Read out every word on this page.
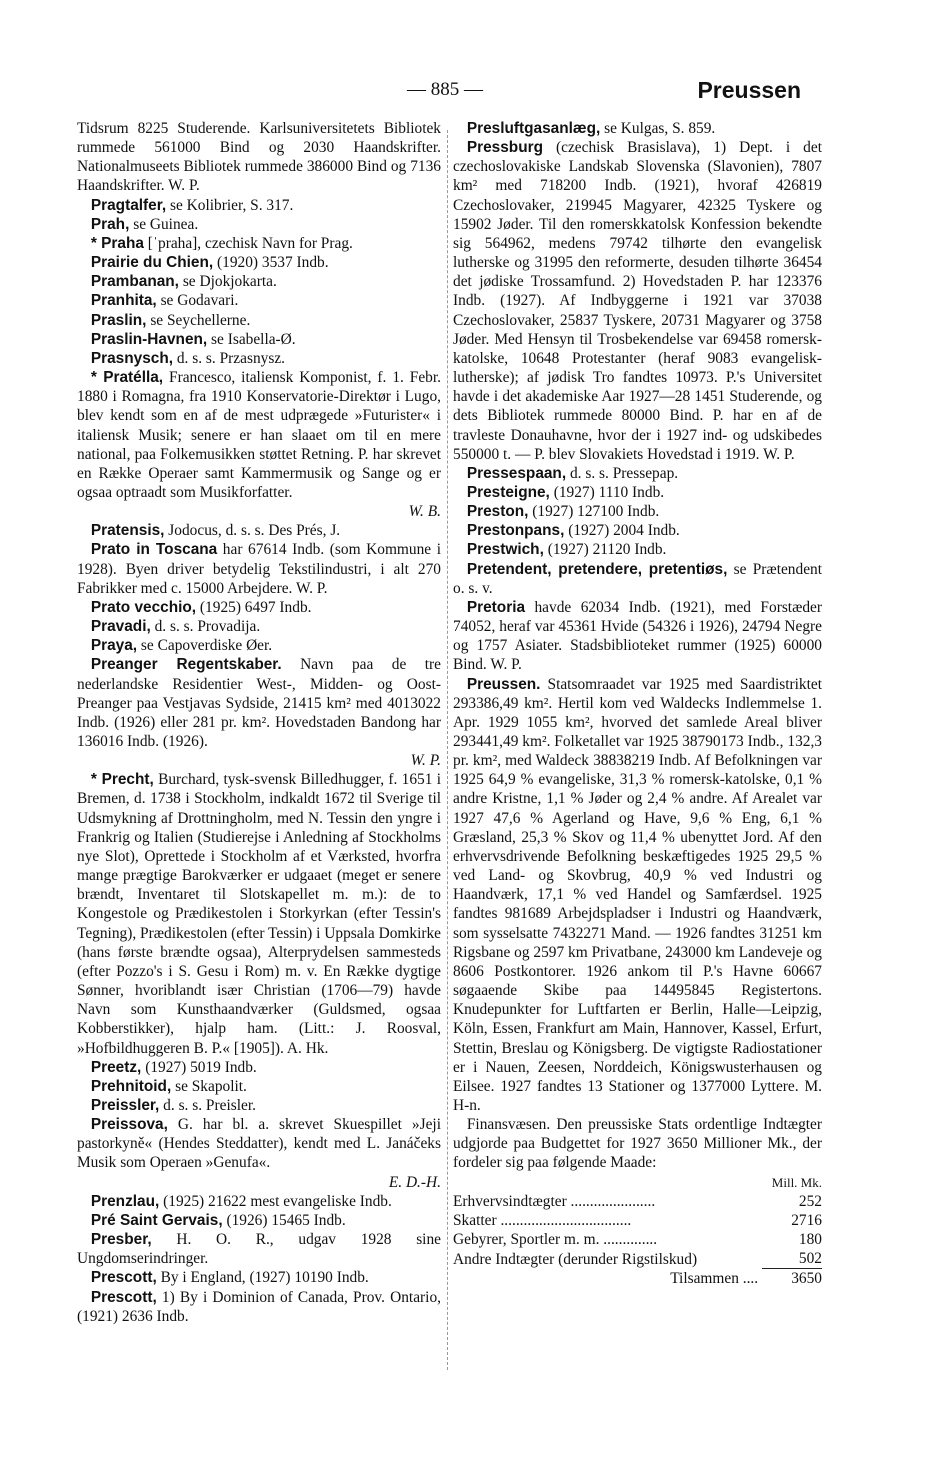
— 885 —	Preussen

Tidsrum 8225 Studerende. Karlsuniversitetets Bibliotek rummede 561000 Bind og 2030 Haandskrifter. Nationalmuseets Bibliotek rummede 386000 Bind og 7136 Haandskrifter. W. P.

Pragtalfer, se Kolibrier, S. 317.

Prah, se Guinea.

* Praha [ˈpraha], czechisk Navn for Prag.

Prairie du Chien, (1920) 3537 Indb.

Prambanan, se Djokjokarta.

Pranhita, se Godavari.

Praslin, se Seychellerne.

Praslin-Havnen, se Isabella-Ø.

Prasnysch, d. s. s. Przasnysz.

* Pratélla, Francesco, italiensk Komponist, f. 1. Febr. 1880 i Romagna, fra 1910 Konservatorie-Direktør i Lugo, blev kendt som en af de mest udprægede »Futurister« i italiensk Musik; senere er han slaaet om til en mere national, paa Folkemusikken støttet Retning. P. har skrevet en Række Operaer samt Kammermusik og Sange og er ogsaa optraadt som Musikforfatter.

W. B.

Pratensis, Jodocus, d. s. s. Des Prés, J.

Prato in Toscana har 67614 Indb. (som Kommune i 1928). Byen driver betydelig Tekstilindustri, i alt 270 Fabrikker med c. 15000 Arbejdere. W. P.

Prato vecchio, (1925) 6497 Indb.

Pravadi, d. s. s. Provadija.

Praya, se Capoverdiske Øer.

Preanger Regentskaber. Navn paa de tre nederlandske Residentier West-, Midden- og Oost-Preanger paa Vestjavas Sydside, 21415 km² med 4013022 Indb. (1926) eller 281 pr. km². Hovedstaden Bandong har 136016 Indb. (1926).

W. P.

* Precht, Burchard, tysk-svensk Billedhugger, f. 1651 i Bremen, d. 1738 i Stockholm, indkaldt 1672 til Sverige til Udsmykning af Drottningholm, med N. Tessin den yngre i Frankrig og Italien (Studierejse i Anledning af Stockholms nye Slot), Oprettede i Stockholm af et Værksted, hvorfra mange prægtige Barokværker er udgaaet (meget er senere brændt, Inventaret til Slotskapellet m. m.): de to Kongestole og Prædikestolen i Storkyrkan (efter Tessin's Tegning), Prædikestolen (efter Tessin) i Uppsala Domkirke (hans første brændte ogsaa), Alterprydelsen sammesteds (efter Pozzo's i S. Gesu i Rom) m. v. En Række dygtige Sønner, hvoriblandt især Christian (1706—79) havde Navn som Kunsthaandværker (Guldsmed, ogsaa Kobberstikker), hjalp ham. (Litt.: J. Roosval, »Hofbildhuggeren B. P.« [1905]). A. Hk.

Preetz, (1927) 5019 Indb.

Prehnitoid, se Skapolit.

Preissler, d. s. s. Preisler.

Preissova, G. har bl. a. skrevet Skuespillet »Jeji pastorkyně« (Hendes Steddatter), kendt med L. Janáčeks Musik som Operaen »Genufa«.

E. D.-H.

Prenzlau, (1925) 21622 mest evangeliske Indb.

Pré Saint Gervais, (1926) 15465 Indb.

Presber, H. O. R., udgav 1928 sine Ungdomserindringer.

Prescott, By i England, (1927) 10190 Indb.

Prescott, 1) By i Dominion of Canada, Prov. Ontario, (1921) 2636 Indb.

Presluftgasanlæg, se Kulgas, S. 859.

Pressburg (czechisk Brasislava), 1) Dept. i det czechoslovakiske Landskab Slovenska (Slavonien), 7807 km² med 718200 Indb. (1921), hvoraf 426819 Czechoslovaker, 219945 Magyarer, 42325 Tyskere og 15902 Jøder. Til den romerskkatolsk Konfession bekendte sig 564962, medens 79742 tilhørte den evangelisk lutherske og 31995 den reformerte, desuden tilhørte 36454 det jødiske Trossamfund. 2) Hovedstaden P. har 123376 Indb. (1927). Af Indbyggerne i 1921 var 37038 Czechoslovaker, 25837 Tyskere, 20731 Magyarer og 3758 Jøder. Med Hensyn til Trosbekendelse var 69458 romersk-katolske, 10648 Protestanter (heraf 9083 evangelisk-lutherske); af jødisk Tro fandtes 10973. P.'s Universitet havde i det akademiske Aar 1927—28 1451 Studerende, og dets Bibliotek rummede 80000 Bind. P. har en af de travleste Donauhavne, hvor der i 1927 ind- og udskibedes 550000 t. — P. blev Slovakiets Hovedstad i 1919. W. P.

Pressespaan, d. s. s. Pressepap.

Presteigne, (1927) 1110 Indb.

Preston, (1927) 127100 Indb.

Prestonpans, (1927) 2004 Indb.

Prestwich, (1927) 21120 Indb.

Pretendent, pretendere, pretentiøs, se Prætendent o. s. v.

Pretoria havde 62034 Indb. (1921), med Forstæder 74052, heraf var 45361 Hvide (54326 i 1926), 24794 Negre og 1757 Asiater. Stadsbiblioteket rummer (1925) 60000 Bind. W. P.

Preussen. Statsomraadet var 1925 med Saardistriktet 293386,49 km². Hertil kom ved Waldecks Indlemmelse 1. Apr. 1929 1055 km², hvorved det samlede Areal bliver 293441,49 km². Folketallet var 1925 38790173 Indb., 132,3 pr. km², med Waldeck 38838219 Indb. Af Befolkningen var 1925 64,9 % evangeliske, 31,3 % romersk-katolske, 0,1 % andre Kristne, 1,1 % Jøder og 2,4 % andre. Af Arealet var 1927 47,6 % Agerland og Have, 9,6 % Eng, 6,1 % Græsland, 25,3 % Skov og 11,4 % ubenyttet Jord. Af den erhvervsdrivende Befolkning beskæftigedes 1925 29,5 % ved Land- og Skovbrug, 40,9 % ved Industri og Haandværk, 17,1 % ved Handel og Samfærdsel. 1925 fandtes 981689 Arbejdspladser i Industri og Haandværk, som sysselsatte 7432271 Mand. — 1926 fandtes 31251 km Rigsbane og 2597 km Privatbane, 243000 km Landeveje og 8606 Postkontorer. 1926 ankom til P.'s Havne 60667 søgaaende Skibe paa 14495845 Registertons. Knudepunkter for Luftfarten er Berlin, Halle—Leipzig, Köln, Essen, Frankfurt am Main, Hannover, Kassel, Erfurt, Stettin, Breslau og Königsberg. De vigtigste Radiostationer er i Nauen, Zeesen, Norddeich, Königswusterhausen og Eilsee. 1927 fandtes 13 Stationer og 1377000 Lyttere. M. H-n.

Finansvæsen. Den preussiske Stats ordentlige Indtægter udgjorde paa Budgettet for 1927 3650 Millioner Mk., der fordeler sig paa følgende Maade:

	Mill. Mk.
Erhvervsindtægter ......................	252
Skatter ..................................	2716
Gebyrer, Sportler m. m. ..............	180
Andre Indtægter (derunder Rigstilskud)	502
Tilsammen .... 3650
